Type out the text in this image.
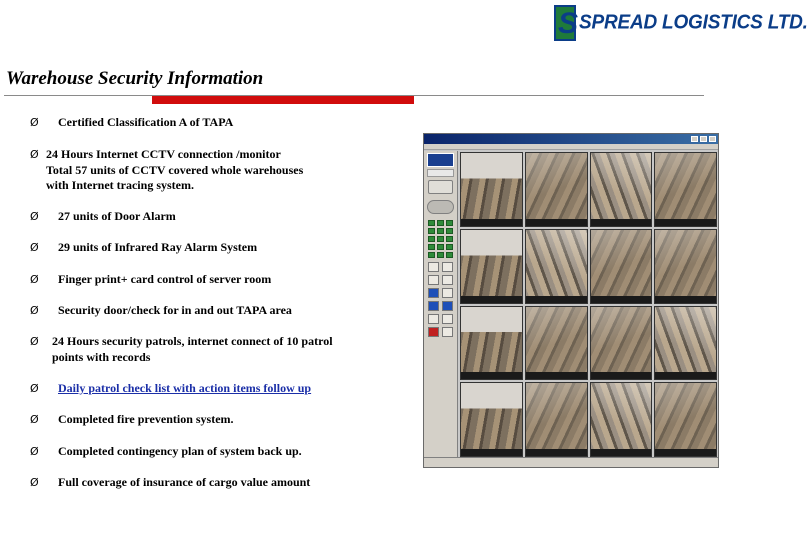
S SPREAD LOGISTICS LTD.
Warehouse Security Information
Ø	Certified Classification A of TAPA
Ø 24 Hours Internet CCTV connection /monitor
Total 57 units of CCTV covered whole warehouses
with Internet tracing system.
Ø	27 units of Door Alarm
Ø	29 units of Infrared Ray Alarm System
Ø	Finger print+ card control of server room
Ø	Security door/check for in and out TAPA area
Ø	24 Hours security patrols, internet connect of 10 patrol
points with records
Ø	Daily patrol check list with action items follow up
Ø	Completed fire prevention system.
Ø	Completed contingency plan of system back up.
Ø	Full coverage of insurance of cargo value amount
